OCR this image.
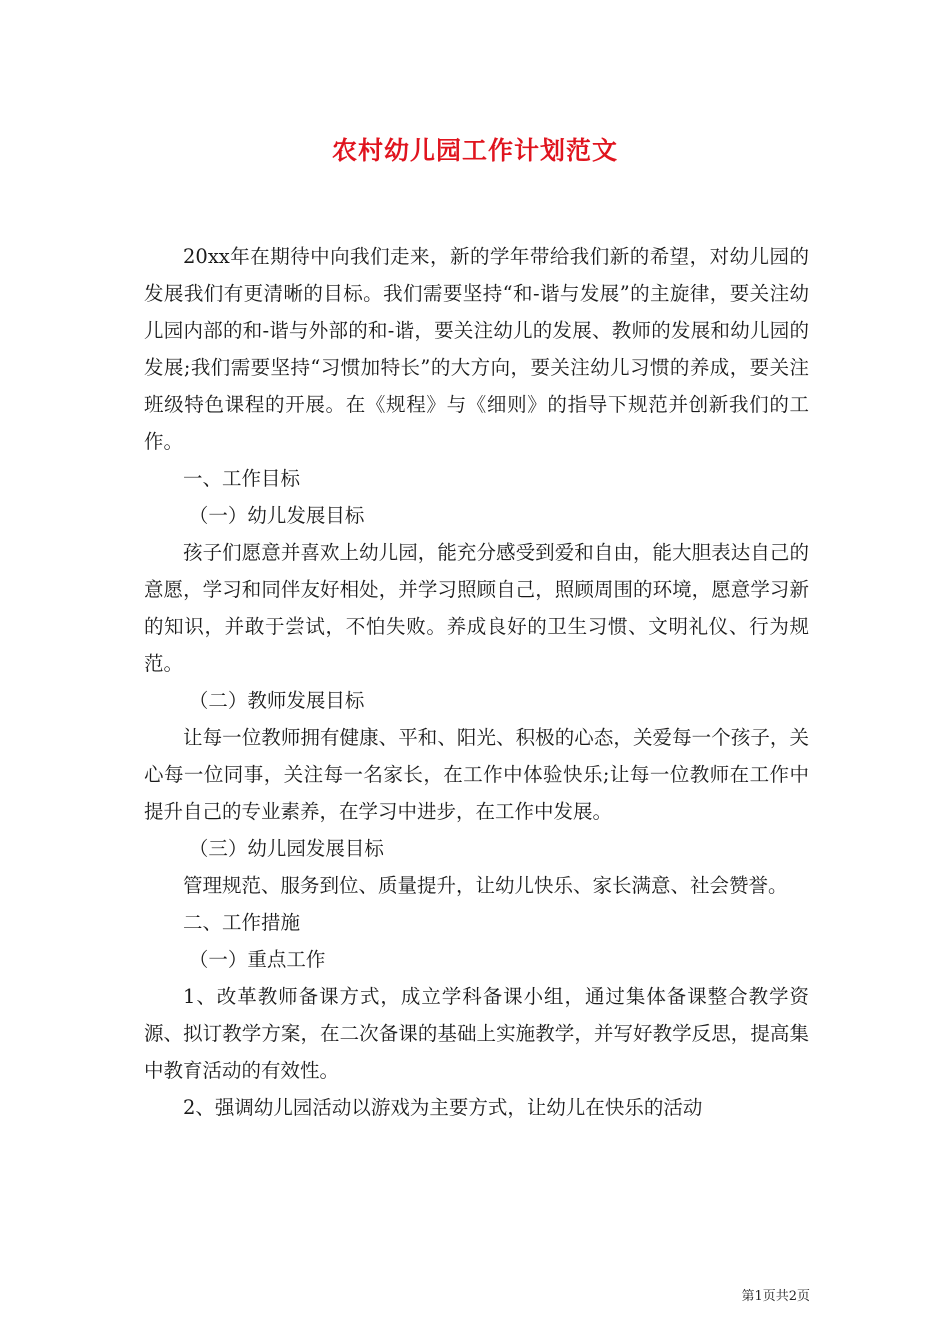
农村幼儿园工作计划范文

20xx年在期待中向我们走来，新的学年带给我们新的希望，对幼儿园的发展我们有更清晰的目标。我们需要坚持“和-谐与发展”的主旋律，要关注幼儿园内部的和-谐与外部的和-谐，要关注幼儿的发展、教师的发展和幼儿园的发展;我们需要坚持“习惯加特长”的大方向，要关注幼儿习惯的养成，要关注班级特色课程的开展。在《规程》与《细则》的指导下规范并创新我们的工作。

一、工作目标

（一）幼儿发展目标

孩子们愿意并喜欢上幼儿园，能充分感受到爱和自由，能大胆表达自己的意愿，学习和同伴友好相处，并学习照顾自己，照顾周围的环境，愿意学习新的知识，并敢于尝试，不怕失败。养成良好的卫生习惯、文明礼仪、行为规范。

（二）教师发展目标

让每一位教师拥有健康、平和、阳光、积极的心态，关爱每一个孩子，关心每一位同事，关注每一名家长，在工作中体验快乐;让每一位教师在工作中提升自己的专业素养，在学习中进步，在工作中发展。

（三）幼儿园发展目标

管理规范、服务到位、质量提升，让幼儿快乐、家长满意、社会赞誉。

二、工作措施

（一）重点工作

1、改革教师备课方式，成立学科备课小组，通过集体备课整合教学资源、拟订教学方案，在二次备课的基础上实施教学，并写好教学反思，提高集中教育活动的有效性。

2、强调幼儿园活动以游戏为主要方式，让幼儿在快乐的活动

第1页共2页
